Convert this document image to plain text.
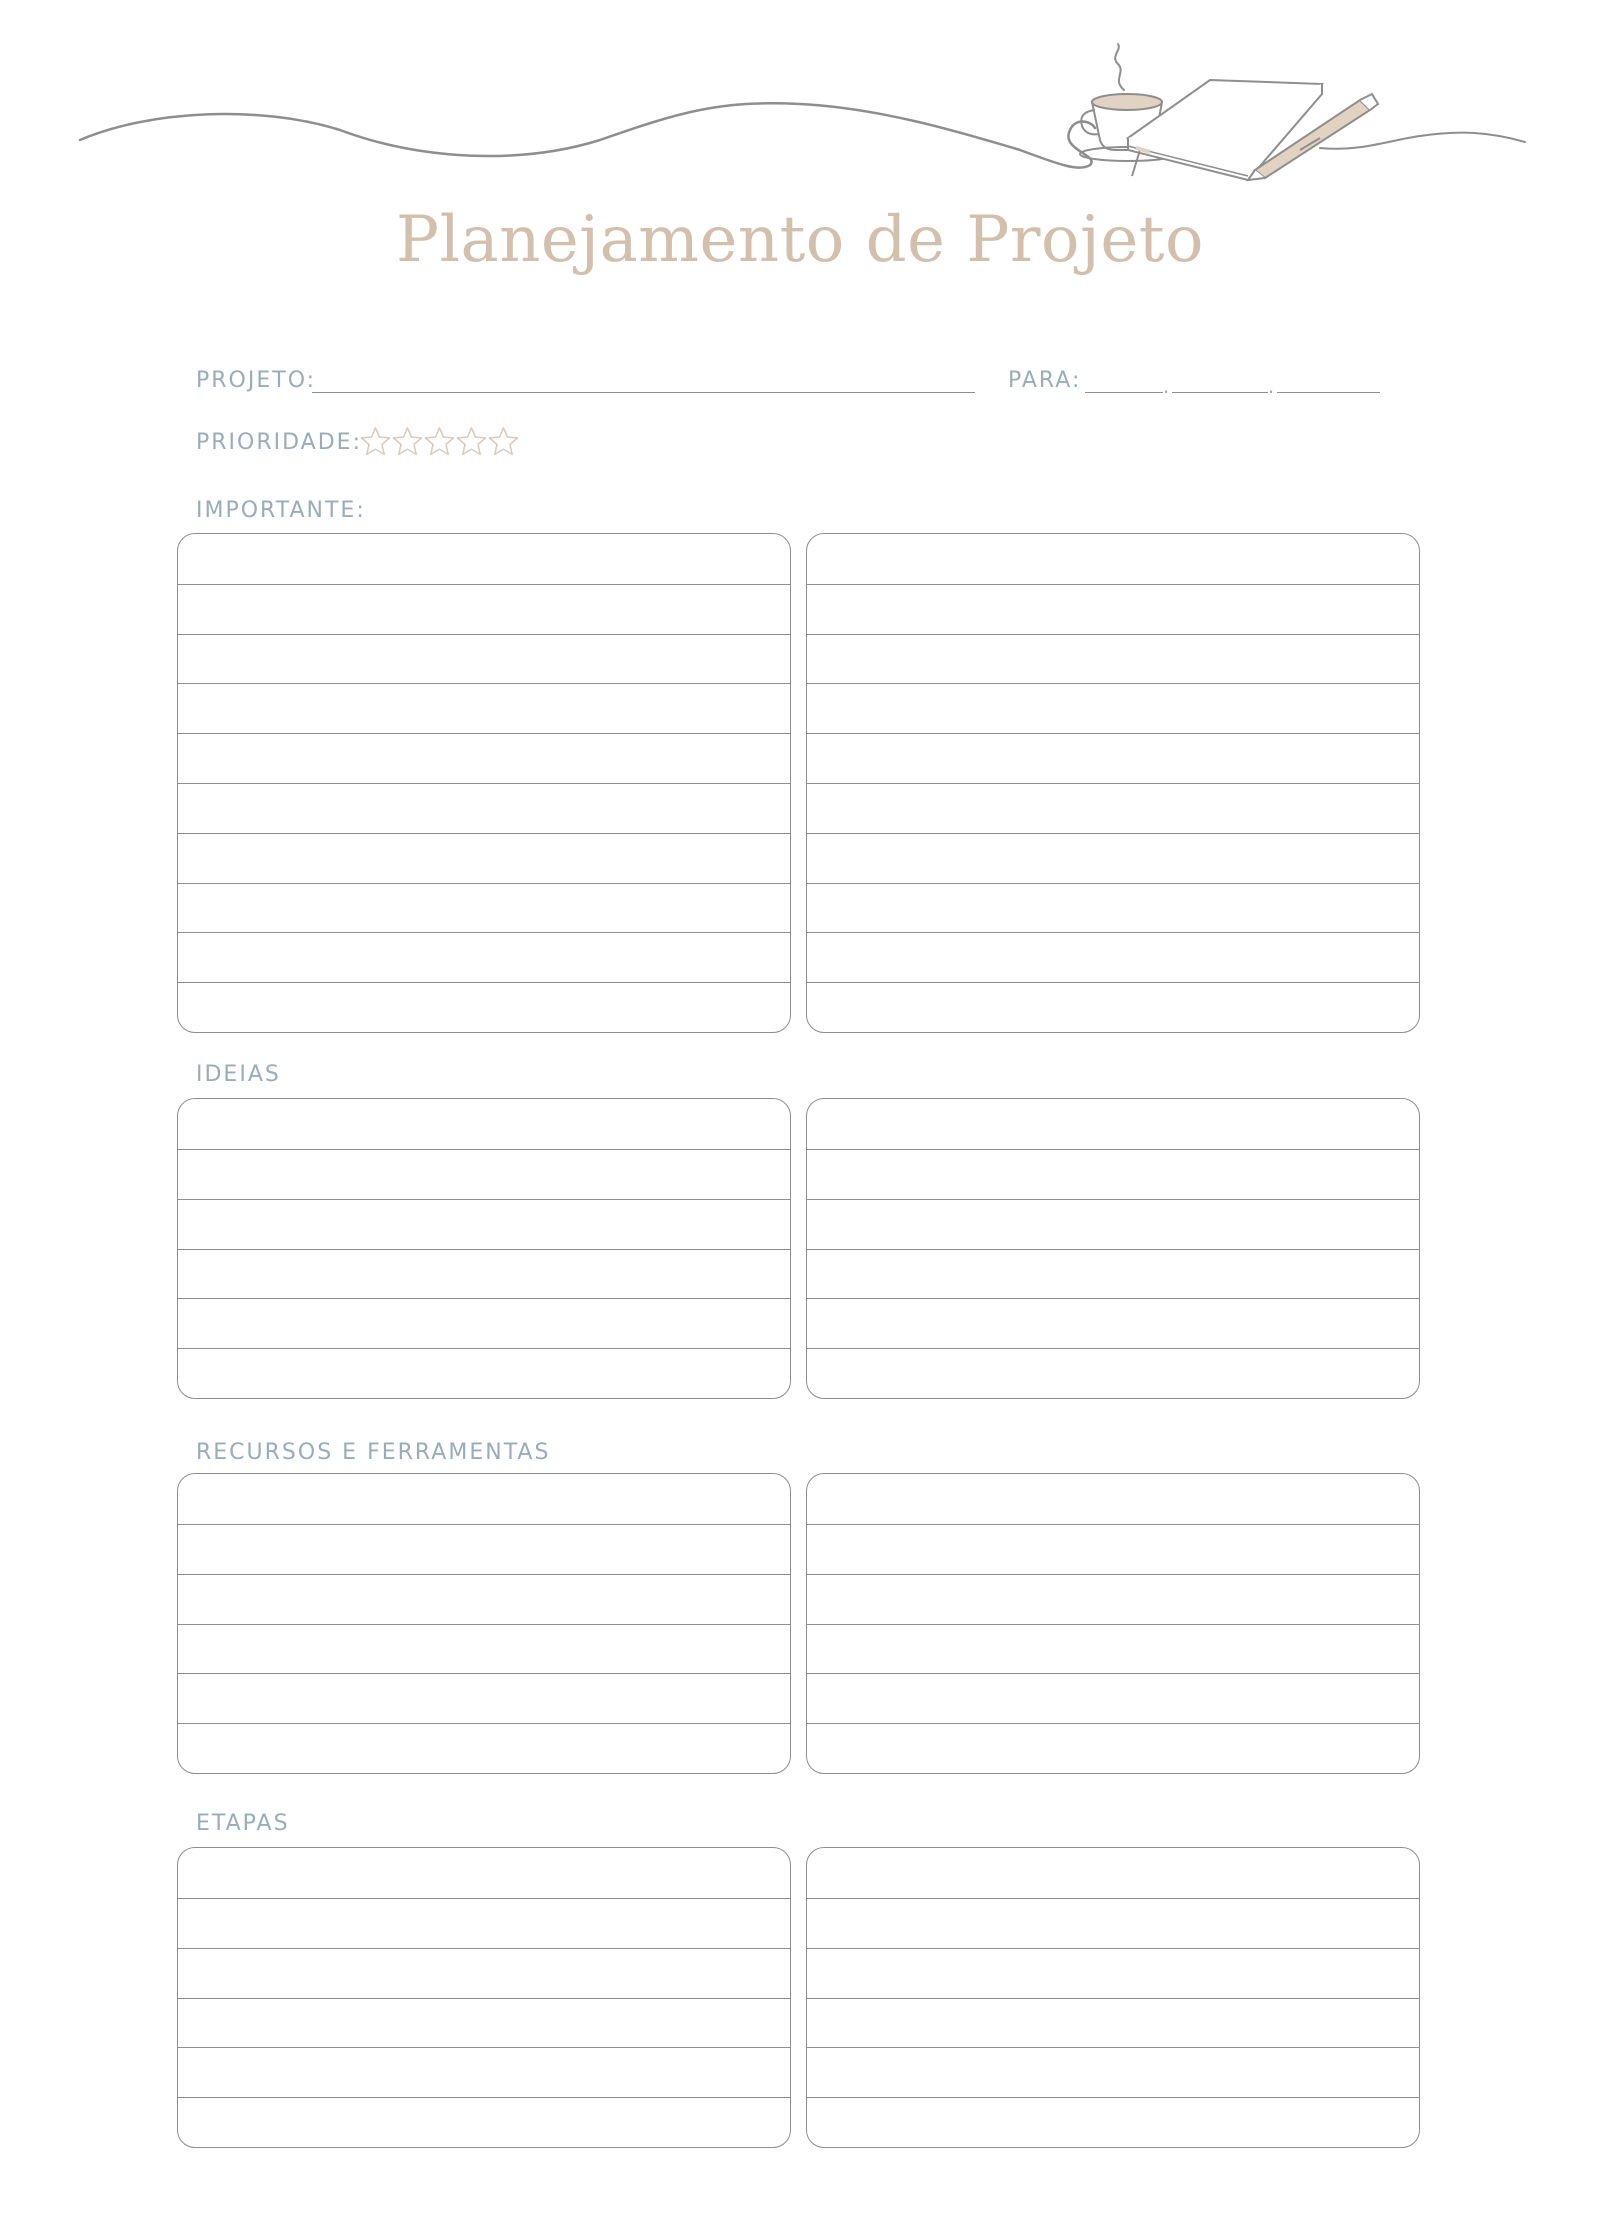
Planejamento de Projeto
PROJETO:	PARA:	.	.
PRIORIDADE:
IMPORTANTE:
IDEIAS
RECURSOS E FERRAMENTAS
ETAPAS
